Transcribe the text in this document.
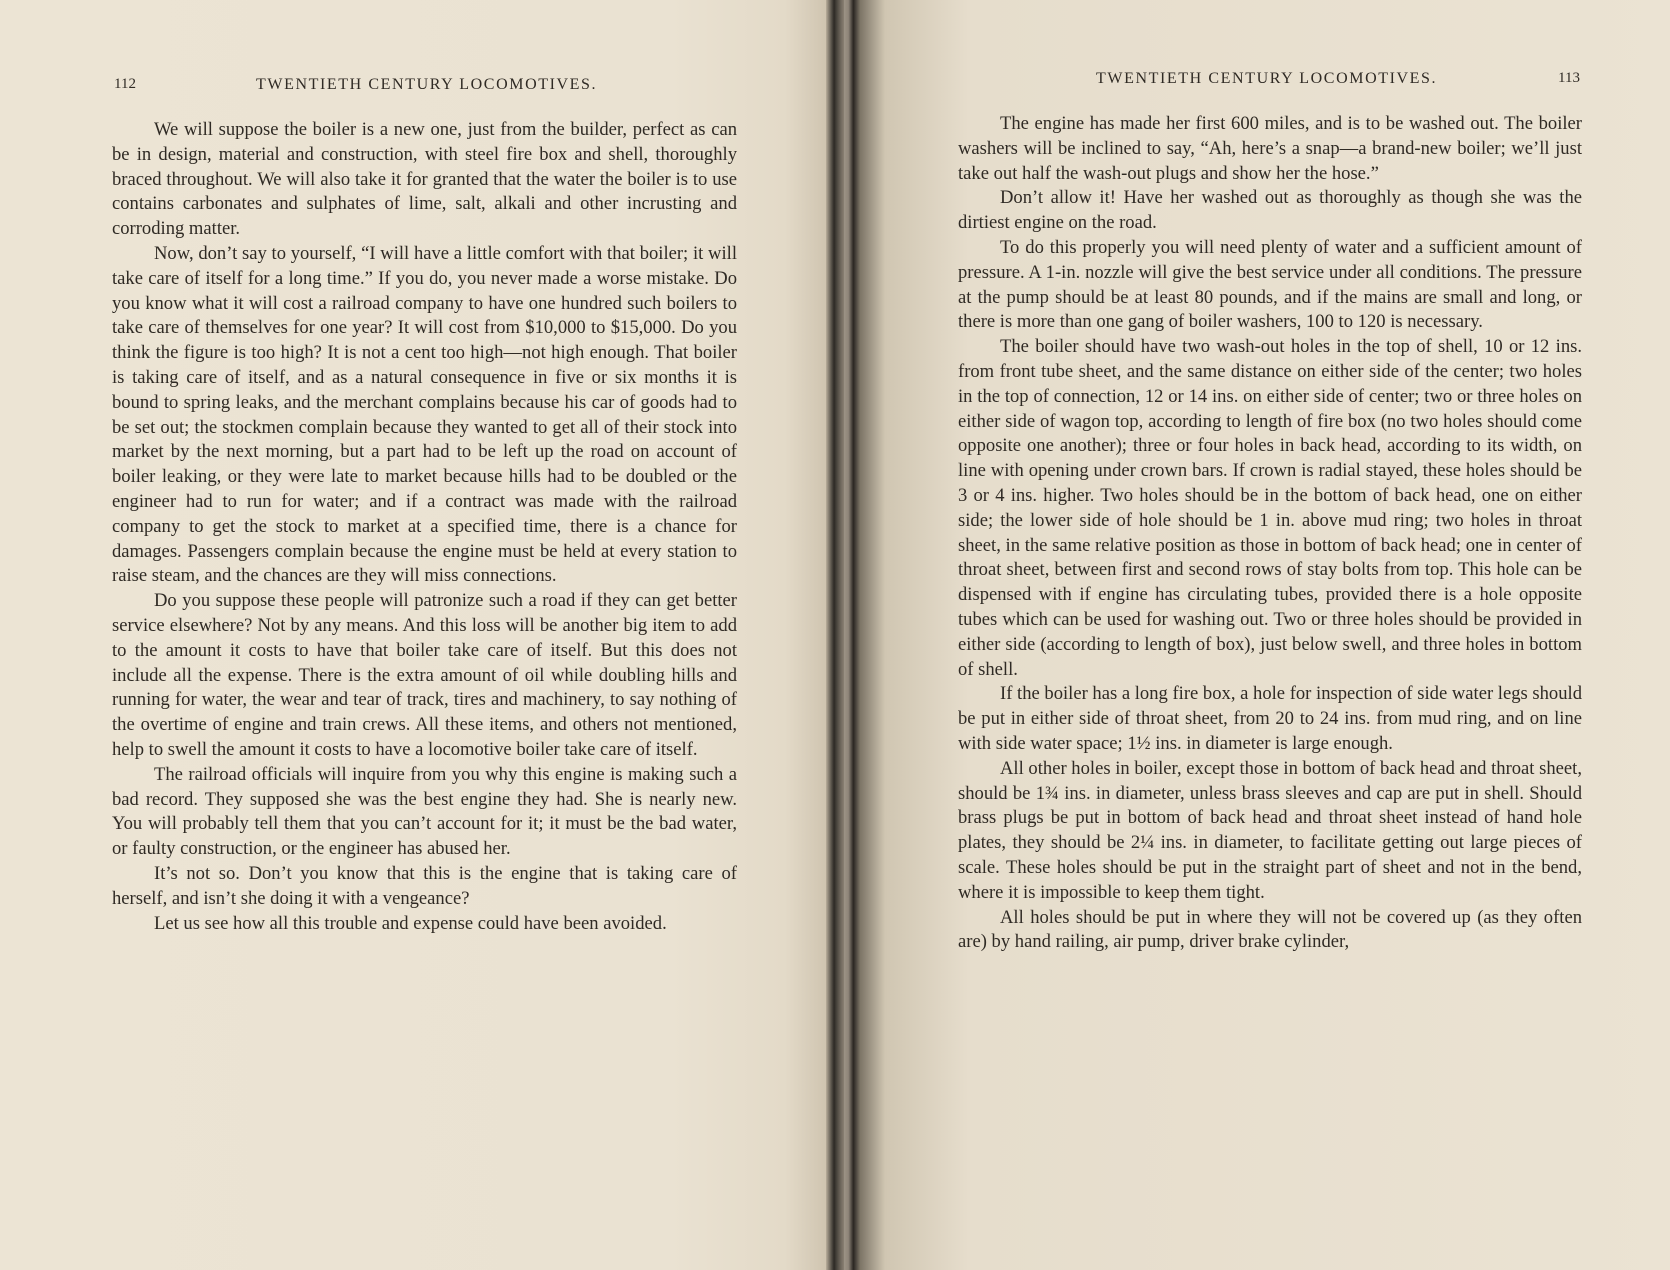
112	TWENTIETH CENTURY LOCOMOTIVES.

We will suppose the boiler is a new one, just from the builder, perfect as can be in design, material and construction, with steel fire box and shell, thoroughly braced throughout. We will also take it for granted that the water the boiler is to use contains carbonates and sulphates of lime, salt, alkali and other incrusting and corroding matter.

Now, don’t say to yourself, “I will have a little comfort with that boiler; it will take care of itself for a long time.” If you do, you never made a worse mistake. Do you know what it will cost a railroad company to have one hundred such boilers to take care of themselves for one year? It will cost from $10,000 to $15,000. Do you think the figure is too high? It is not a cent too high—not high enough. That boiler is taking care of itself, and as a natural consequence in five or six months it is bound to spring leaks, and the merchant complains because his car of goods had to be set out; the stockmen complain because they wanted to get all of their stock into market by the next morning, but a part had to be left up the road on account of boiler leaking, or they were late to market because hills had to be doubled or the engineer had to run for water; and if a contract was made with the railroad company to get the stock to market at a specified time, there is a chance for damages. Passengers complain because the engine must be held at every station to raise steam, and the chances are they will miss connections.

Do you suppose these people will patronize such a road if they can get better service elsewhere? Not by any means. And this loss will be another big item to add to the amount it costs to have that boiler take care of itself. But this does not include all the expense. There is the extra amount of oil while doubling hills and running for water, the wear and tear of track, tires and machinery, to say nothing of the overtime of engine and train crews. All these items, and others not mentioned, help to swell the amount it costs to have a locomotive boiler take care of itself.

The railroad officials will inquire from you why this engine is making such a bad record. They supposed she was the best engine they had. She is nearly new. You will probably tell them that you can’t account for it; it must be the bad water, or faulty construction, or the engineer has abused her.

It’s not so. Don’t you know that this is the engine that is taking care of herself, and isn’t she doing it with a vengeance?

Let us see how all this trouble and expense could have been avoided.

TWENTIETH CENTURY LOCOMOTIVES.	113

The engine has made her first 600 miles, and is to be washed out. The boiler washers will be inclined to say, “Ah, here’s a snap—a brand-new boiler; we’ll just take out half the wash-out plugs and show her the hose.”

Don’t allow it! Have her washed out as thoroughly as though she was the dirtiest engine on the road.

To do this properly you will need plenty of water and a sufficient amount of pressure. A 1-in. nozzle will give the best service under all conditions. The pressure at the pump should be at least 80 pounds, and if the mains are small and long, or there is more than one gang of boiler washers, 100 to 120 is necessary.

The boiler should have two wash-out holes in the top of shell, 10 or 12 ins. from front tube sheet, and the same distance on either side of the center; two holes in the top of connection, 12 or 14 ins. on either side of center; two or three holes on either side of wagon top, according to length of fire box (no two holes should come opposite one another); three or four holes in back head, according to its width, on line with opening under crown bars. If crown is radial stayed, these holes should be 3 or 4 ins. higher. Two holes should be in the bottom of back head, one on either side; the lower side of hole should be 1 in. above mud ring; two holes in throat sheet, in the same relative position as those in bottom of back head; one in center of throat sheet, between first and second rows of stay bolts from top. This hole can be dispensed with if engine has circulating tubes, provided there is a hole opposite tubes which can be used for washing out. Two or three holes should be provided in either side (according to length of box), just below swell, and three holes in bottom of shell.

If the boiler has a long fire box, a hole for inspection of side water legs should be put in either side of throat sheet, from 20 to 24 ins. from mud ring, and on line with side water space; 1½ ins. in diameter is large enough.

All other holes in boiler, except those in bottom of back head and throat sheet, should be 1¾ ins. in diameter, unless brass sleeves and cap are put in shell. Should brass plugs be put in bottom of back head and throat sheet instead of hand hole plates, they should be 2¼ ins. in diameter, to facilitate getting out large pieces of scale. These holes should be put in the straight part of sheet and not in the bend, where it is impossible to keep them tight.

All holes should be put in where they will not be covered up (as they often are) by hand railing, air pump, driver brake cylinder,
